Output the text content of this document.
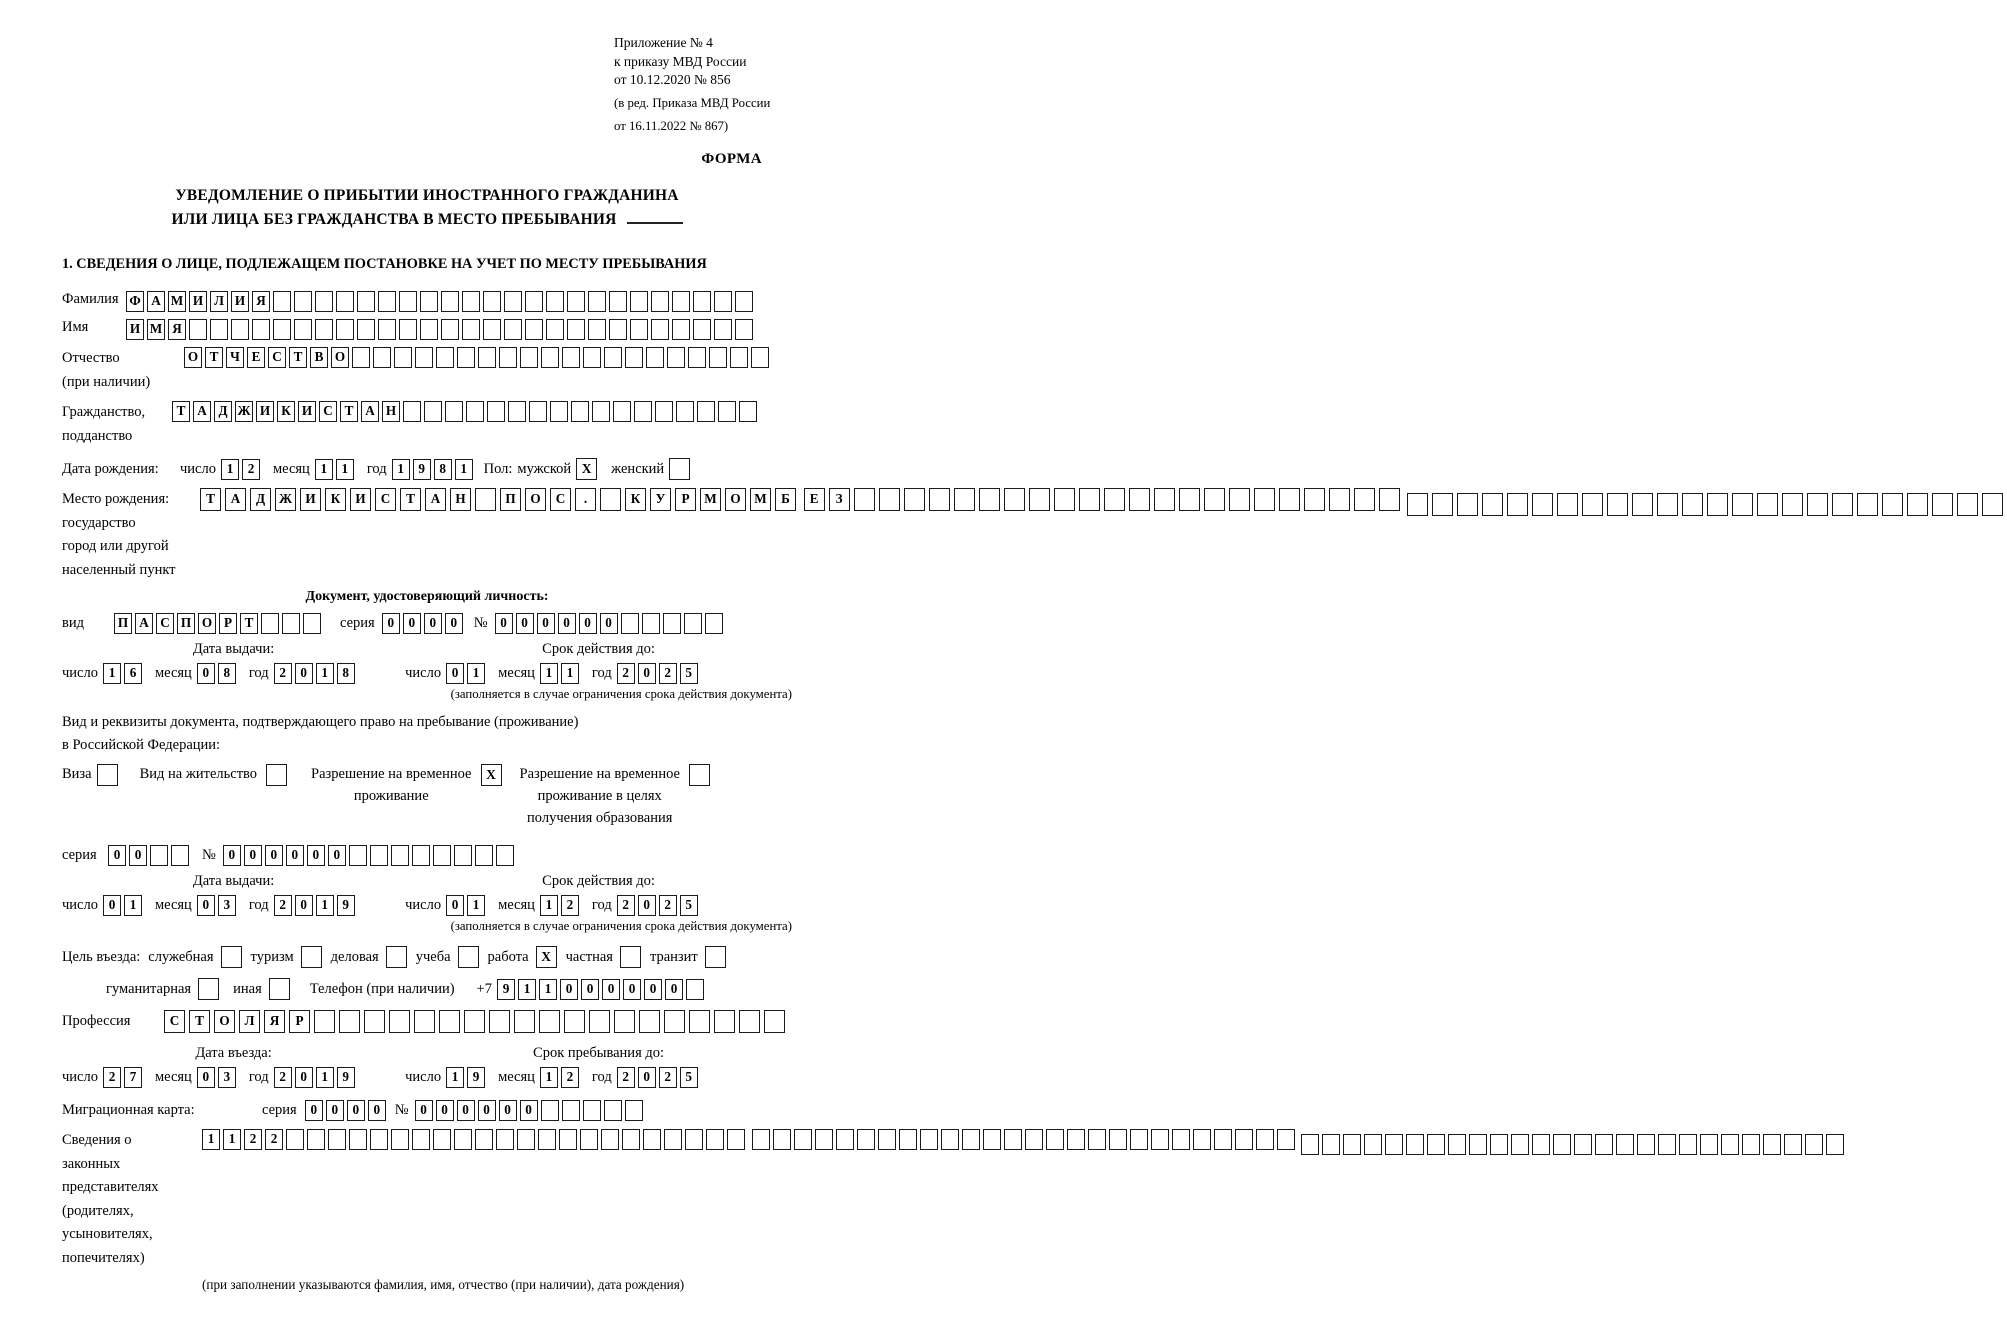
Приложение № 4
к приказу МВД России
от 10.12.2020 № 856
(в ред. Приказа МВД России
от 16.11.2022 № 867)
ФОРМА
УВЕДОМЛЕНИЕ О ПРИБЫТИИ ИНОСТРАННОГО ГРАЖДАНИНА
ИЛИ ЛИЦА БЕЗ ГРАЖДАНСТВА В МЕСТО ПРЕБЫВАНИЯ
1. СВЕДЕНИЯ О ЛИЦЕ, ПОДЛЕЖАЩЕМ ПОСТАНОВКЕ НА УЧЕТ ПО МЕСТУ ПРЕБЫВАНИЯ
Фамилия Ф А М И Л И Я
Имя	И М Я
Отчество
(при наличии)
О Т Ч Е С Т В О
Гражданство,
подданство
Т А Д Ж И К И С Т А Н
Дата рождения:	число 1	2	месяц 1	1	год 1	9	8	1	Пол: мужской X	женский
Место рождения:
государство
город или другой
населенный пункт
Т	А	Д	Ж	И	К	И	С	Т	А	Н	П	О	С	.	К	У	Р	М	О	М	Б
	Е	З

Документ, удостоверяющий личность:
вид	П А С П О Р Т	серия 0	0	0	0	№ 0	0	0	0	0	0
Дата выдачи:
число 1	6	месяц 0	8	год 2	0	1	8
Срок действия до:
число 0	1	месяц 1	1	год 2	0	2	5
(заполняется в случае ограничения срока действия документа)
Вид и реквизиты документа, подтверждающего право на пребывание (проживание)
в Российской Федерации:
Виза	Вид на жительство	Разрешение на временное
проживание
X	Разрешение на временное
проживание в целях
получения образования
серия	0	0	№ 0	0	0	0	0	0
Дата выдачи:
число 0	1	месяц 0	3	год 2	0	1	9
Срок действия до:
число 0	1	месяц 1	2	год 2	0	2	5
(заполняется в случае ограничения срока действия документа)
Цель въезда: служебная	туризм	деловая	учеба	работа X	частная	транзит
гуманитарная	иная	Телефон (при наличии) +7 9	1	1	0	0	0	0	0	0
Профессия	С	Т	О	Л	Я	Р
Дата въезда:
число 2	7	месяц 0	3	год 2	0	1	9
Срок пребывания до:
число 1	9	месяц 1	2	год 2	0	2	5
Миграционная карта:	серия	0	0	0	0	№ 0	0	0	0	0	0
Сведения о
законных
представителях
(родителях,
усыновителях,
попечителях)
1	1	2	2

(при заполнении указываются фамилия, имя, отчество (при наличии), дата рождения)
